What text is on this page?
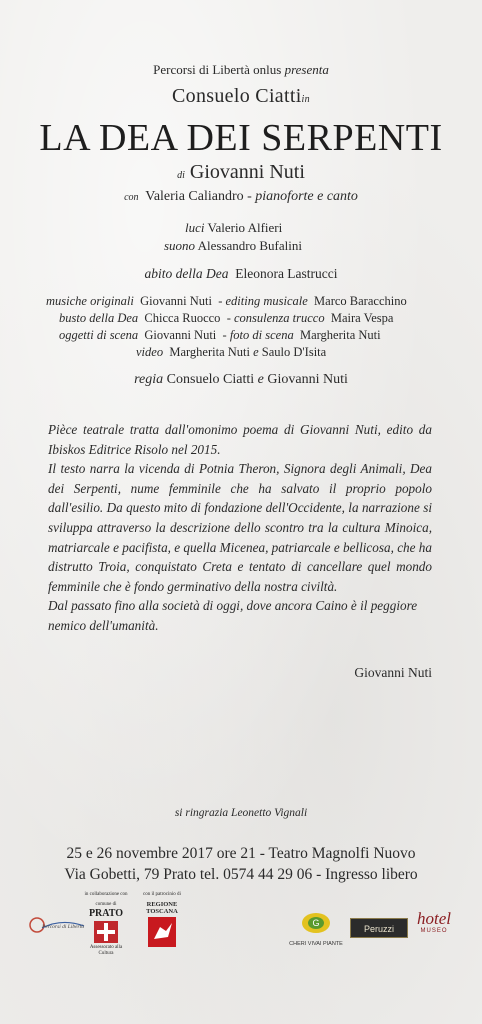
Percorsi di Libertà onlus presenta
Consuelo Ciattiin
LA DEA DEI SERPENTI
di Giovanni Nuti
con Valeria Caliandro - pianoforte e canto
luci Valerio Alfieri
suono Alessandro Bufalini
abito della Dea Eleonora Lastrucci
musiche originali Giovanni Nuti - editing musicale Marco Baracchino
busto della Dea Chicca Ruocco - consulenza trucco Maira Vespa
oggetti di scena Giovanni Nuti - foto di scena Margherita Nuti
video Margherita Nuti e Saulo D'Isita
regia Consuelo Ciatti e Giovanni Nuti

Pièce teatrale tratta dall'omonimo poema di Giovanni Nuti, edito da Ibiskos Editrice Risolo nel 2015.

Il testo narra la vicenda di Potnia Theron, Signora degli Animali, Dea dei Serpenti, nume femminile che ha salvato il proprio popolo dall'esilio. Da questo mito di fondazione dell'Occidente, la narrazione si sviluppa attraverso la descrizione dello scontro tra la cultura Minoica, matriarcale e pacifista, e quella Micenea, patriarcale e bellicosa, che ha distrutto Troia, conquistato Creta e tentato di cancellare quel mondo femminile che è fondo germinativo della nostra civiltà.

Dal passato fino alla società di oggi, dove ancora Caino è il peggiore nemico dell'umanità.

Giovanni Nuti
si ringrazia Leonetto Vignali
25 e 26 novembre 2017 ore 21 - Teatro Magnolfi Nuovo
Via Gobetti, 79 Prato tel. 0574 44 29 06 - Ingresso libero
Percorsi di Libertà
in collaborazione con
comune di
PRATO
Assessorato alla Cultura
con il patrocinio di
REGIONE TOSCANA
G
CHERI VIVAI PIANTE
Peruzzi
hotel
MUSEO
